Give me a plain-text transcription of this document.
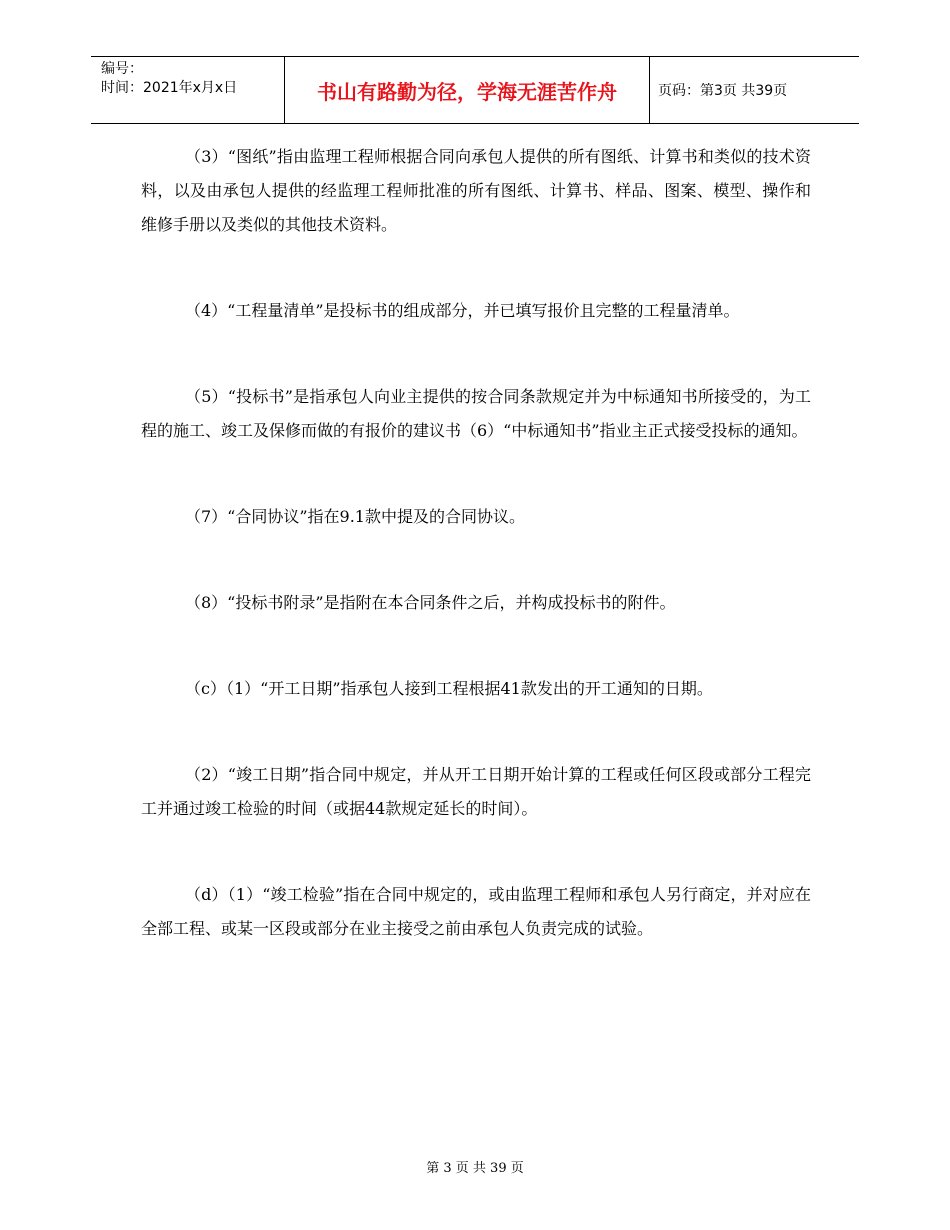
编号：
时间：2021年x月x日	书山有路勤为径，学海无涯苦作舟	页码：第3页 共39页

（3）“图纸”指由监理工程师根据合同向承包人提供的所有图纸、计算书和类似的技术资料，以及由承包人提供的经监理工程师批准的所有图纸、计算书、样品、图案、模型、操作和维修手册以及类似的其他技术资料。

（4）“工程量清单”是投标书的组成部分，并已填写报价且完整的工程量清单。

（5）“投标书”是指承包人向业主提供的按合同条款规定并为中标通知书所接受的，为工程的施工、竣工及保修而做的有报价的建议书（6）“中标通知书”指业主正式接受投标的通知。

（7）“合同协议”指在9.1款中提及的合同协议。

（8）“投标书附录”是指附在本合同条件之后，并构成投标书的附件。

（c）（1）“开工日期”指承包人接到工程根据41款发出的开工通知的日期。

（2）“竣工日期”指合同中规定，并从开工日期开始计算的工程或任何区段或部分工程完工并通过竣工检验的时间（或据44款规定延长的时间）。

（d）（1）“竣工检验”指在合同中规定的，或由监理工程师和承包人另行商定，并对应在全部工程、或某一区段或部分在业主接受之前由承包人负责完成的试验。

第 3 页 共 39 页
